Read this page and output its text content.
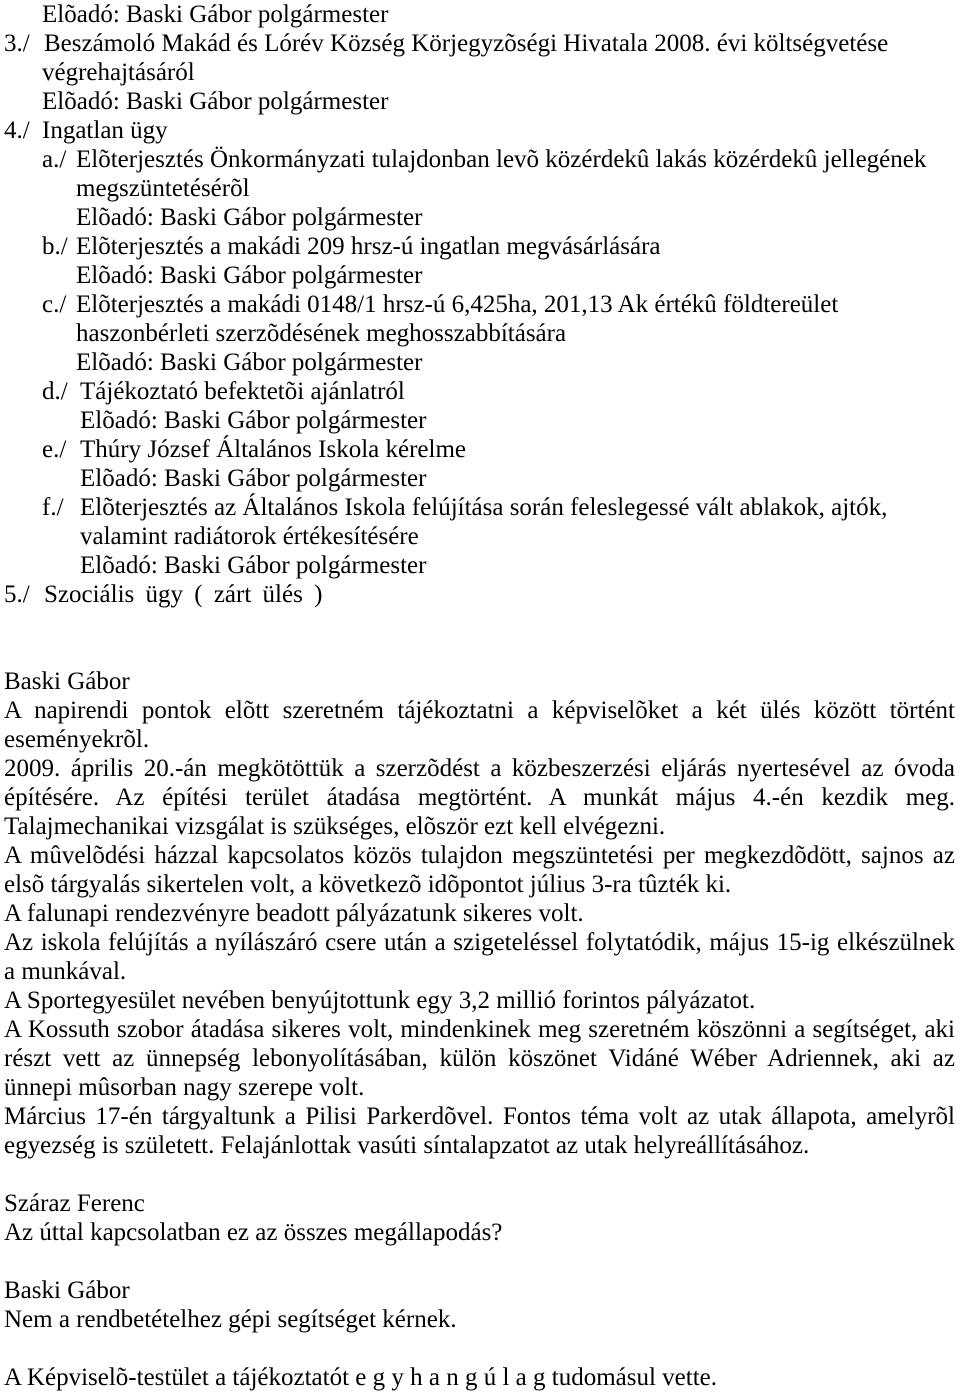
Elõadó: Baski Gábor polgármester
3./ Beszámoló Makád és Lórév Község Körjegyzõségi Hivatala 2008. évi költségvetése
végrehajtásáról
Elõadó: Baski Gábor polgármester
4./ Ingatlan ügy
a./ Elõterjesztés Önkormányzati tulajdonban levõ közérdekû lakás közérdekû jellegének
megszüntetésérõl
Elõadó: Baski Gábor polgármester
b./ Elõterjesztés a makádi 209 hrsz-ú ingatlan megvásárlására
Elõadó: Baski Gábor polgármester
c./ Elõterjesztés a makádi 0148/1 hrsz-ú 6,425ha, 201,13 Ak értékû földtereület
haszonbérleti szerzõdésének meghosszabbítására
Elõadó: Baski Gábor polgármester
d./ Tájékoztató befektetõi ajánlatról
Elõadó: Baski Gábor polgármester
e./ Thúry József Általános Iskola kérelme
Elõadó: Baski Gábor polgármester
f./ Elõterjesztés az Általános Iskola felújítása során feleslegessé vált ablakok, ajtók,
valamint radiátorok értékesítésére
Elõadó: Baski Gábor polgármester
5./ Szociális ügy ( zárt ülés )
Baski Gábor
A napirendi pontok elõtt szeretném tájékoztatni a képviselõket a két ülés között történt
eseményekrõl.
2009. április 20.-án megkötöttük a szerzõdést a közbeszerzési eljárás nyertesével az óvoda
építésére. Az építési terület átadása megtörtént. A munkát május 4.-én kezdik meg.
Talajmechanikai vizsgálat is szükséges, elõször ezt kell elvégezni.
A mûvelõdési házzal kapcsolatos közös tulajdon megszüntetési per megkezdõdött, sajnos az
elsõ tárgyalás sikertelen volt, a következõ idõpontot július 3-ra tûzték ki.
A falunapi rendezvényre beadott pályázatunk sikeres volt.
Az iskola felújítás a nyílászáró csere után a szigeteléssel folytatódik, május 15-ig elkészülnek
a munkával.
A Sportegyesület nevében benyújtottunk egy 3,2 millió forintos pályázatot.
A Kossuth szobor átadása sikeres volt, mindenkinek meg szeretném köszönni a segítséget, aki
részt vett az ünnepség lebonyolításában, külön köszönet Vidáné Wéber Adriennek, aki az
ünnepi mûsorban nagy szerepe volt.
Március 17-én tárgyaltunk a Pilisi Parkerdõvel. Fontos téma volt az utak állapota, amelyrõl
egyezség is született. Felajánlottak vasúti síntalapzatot az utak helyreállításához.
Száraz Ferenc
Az úttal kapcsolatban ez az összes megállapodás?
Baski Gábor
Nem a rendbetételhez gépi segítséget kérnek.
A Képviselõ-testület a tájékoztatót e g y h a n g ú l a g tudomásul vette.
